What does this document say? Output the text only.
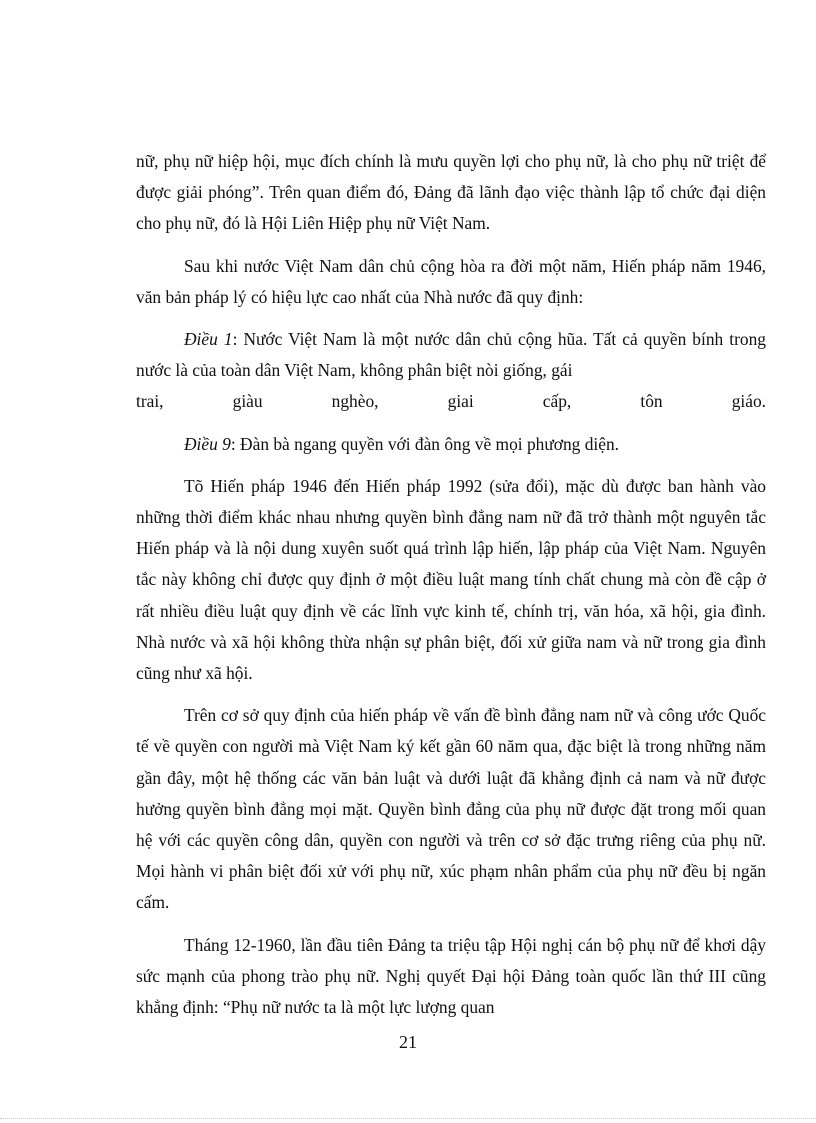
nữ, phụ nữ hiệp hội, mục đích chính là mưu quyền lợi cho phụ nữ, là cho phụ nữ triệt để được giải phóng”. Trên quan điểm đó, Đảng đã lãnh đạo việc thành lập tổ chức đại diện cho phụ nữ, đó là Hội Liên Hiệp phụ nữ Việt Nam.

Sau khi nước Việt Nam dân chủ cộng hòa ra đời một năm, Hiến pháp năm 1946, văn bản pháp lý có hiệu lực cao nhất của Nhà nước đã quy định:

Điều 1: Nước Việt Nam là một nước dân chủ cộng hũa. Tất cả quyền bính trong nước là của toàn dân Việt Nam, không phân biệt nòi giống, gái

trai, giàu nghèo, giai cấp, tôn giáo.

Điều 9: Đàn bà ngang quyền với đàn ông về mọi phương diện.

Tõ Hiến pháp 1946 đến Hiến pháp 1992 (sửa đổi), mặc dù được ban hành vào những thời điểm khác nhau nhưng quyền bình đẳng nam nữ đã trở thành một nguyên tắc Hiến pháp và là nội dung xuyên suốt quá trình lập hiến, lập pháp của Việt Nam. Nguyên tắc này không chỉ được quy định ở một điều luật mang tính chất chung mà còn đề cập ở rất nhiều điều luật quy định về các lĩnh vực kinh tế, chính trị, văn hóa, xã hội, gia đình. Nhà nước và xã hội không thừa nhận sự phân biệt, đối xử giữa nam và nữ trong gia đình cũng như xã hội.

Trên cơ sở quy định của hiến pháp về vấn đề bình đẳng nam nữ và công ước Quốc tế về quyền con người mà Việt Nam ký kết gần 60 năm qua, đặc biệt là trong những năm gần đây, một hệ thống các văn bản luật và dưới luật đã khẳng định cả nam và nữ được hưởng quyền bình đẳng mọi mặt. Quyền bình đẳng của phụ nữ được đặt trong mối quan hệ với các quyền công dân, quyền con người và trên cơ sở đặc trưng riêng của phụ nữ. Mọi hành vi phân biệt đối xử với phụ nữ, xúc phạm nhân phẩm của phụ nữ đều bị ngăn cấm.

Tháng 12-1960, lần đầu tiên Đảng ta triệu tập Hội nghị cán bộ phụ nữ để khơi dậy sức mạnh của phong trào phụ nữ. Nghị quyết Đại hội Đảng toàn quốc lần thứ III cũng khẳng định: “Phụ nữ nước ta là một lực lượng quan

21
